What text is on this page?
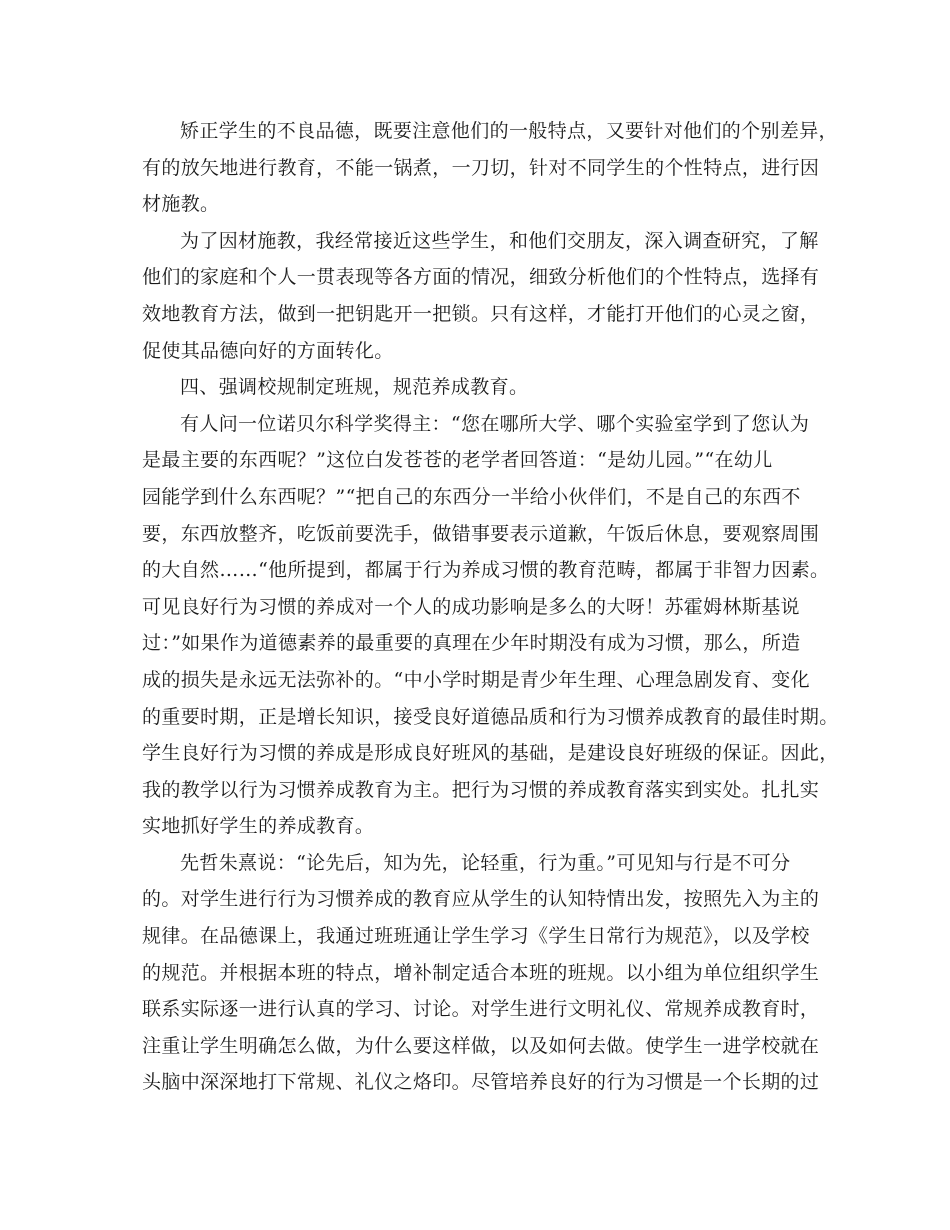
矫正学生的不良品德，既要注意他们的一般特点，又要针对他们的个别差异，
有的放矢地进行教育，不能一锅煮，一刀切，针对不同学生的个性特点，进行因
材施教。
为了因材施教，我经常接近这些学生，和他们交朋友，深入调查研究，了解
他们的家庭和个人一贯表现等各方面的情况，细致分析他们的个性特点，选择有
效地教育方法，做到一把钥匙开一把锁。只有这样，才能打开他们的心灵之窗，
促使其品德向好的方面转化。
四、强调校规制定班规，规范养成教育。
有人问一位诺贝尔科学奖得主：“您在哪所大学、哪个实验室学到了您认为
是最主要的东西呢？”这位白发苍苍的老学者回答道：“是幼儿园。”“在幼儿
园能学到什么东西呢？”“把自己的东西分一半给小伙伴们，不是自己的东西不
要，东西放整齐，吃饭前要洗手，做错事要表示道歉，午饭后休息，要观察周围
的大自然……“他所提到，都属于行为养成习惯的教育范畴，都属于非智力因素。
可见良好行为习惯的养成对一个人的成功影响是多么的大呀！苏霍姆林斯基说
过：”如果作为道德素养的最重要的真理在少年时期没有成为习惯，那么，所造
成的损失是永远无法弥补的。“中小学时期是青少年生理、心理急剧发育、变化
的重要时期，正是增长知识，接受良好道德品质和行为习惯养成教育的最佳时期。
学生良好行为习惯的养成是形成良好班风的基础，是建设良好班级的保证。因此，
我的教学以行为习惯养成教育为主。把行为习惯的养成教育落实到实处。扎扎实
实地抓好学生的养成教育。
先哲朱熹说：“论先后，知为先，论轻重，行为重。”可见知与行是不可分
的。对学生进行行为习惯养成的教育应从学生的认知特情出发，按照先入为主的
规律。在品德课上，我通过班班通让学生学习《学生日常行为规范》，以及学校
的规范。并根据本班的特点，增补制定适合本班的班规。以小组为单位组织学生
联系实际逐一进行认真的学习、讨论。对学生进行文明礼仪、常规养成教育时，
注重让学生明确怎么做，为什么要这样做，以及如何去做。使学生一进学校就在
头脑中深深地打下常规、礼仪之烙印。尽管培养良好的行为习惯是一个长期的过
